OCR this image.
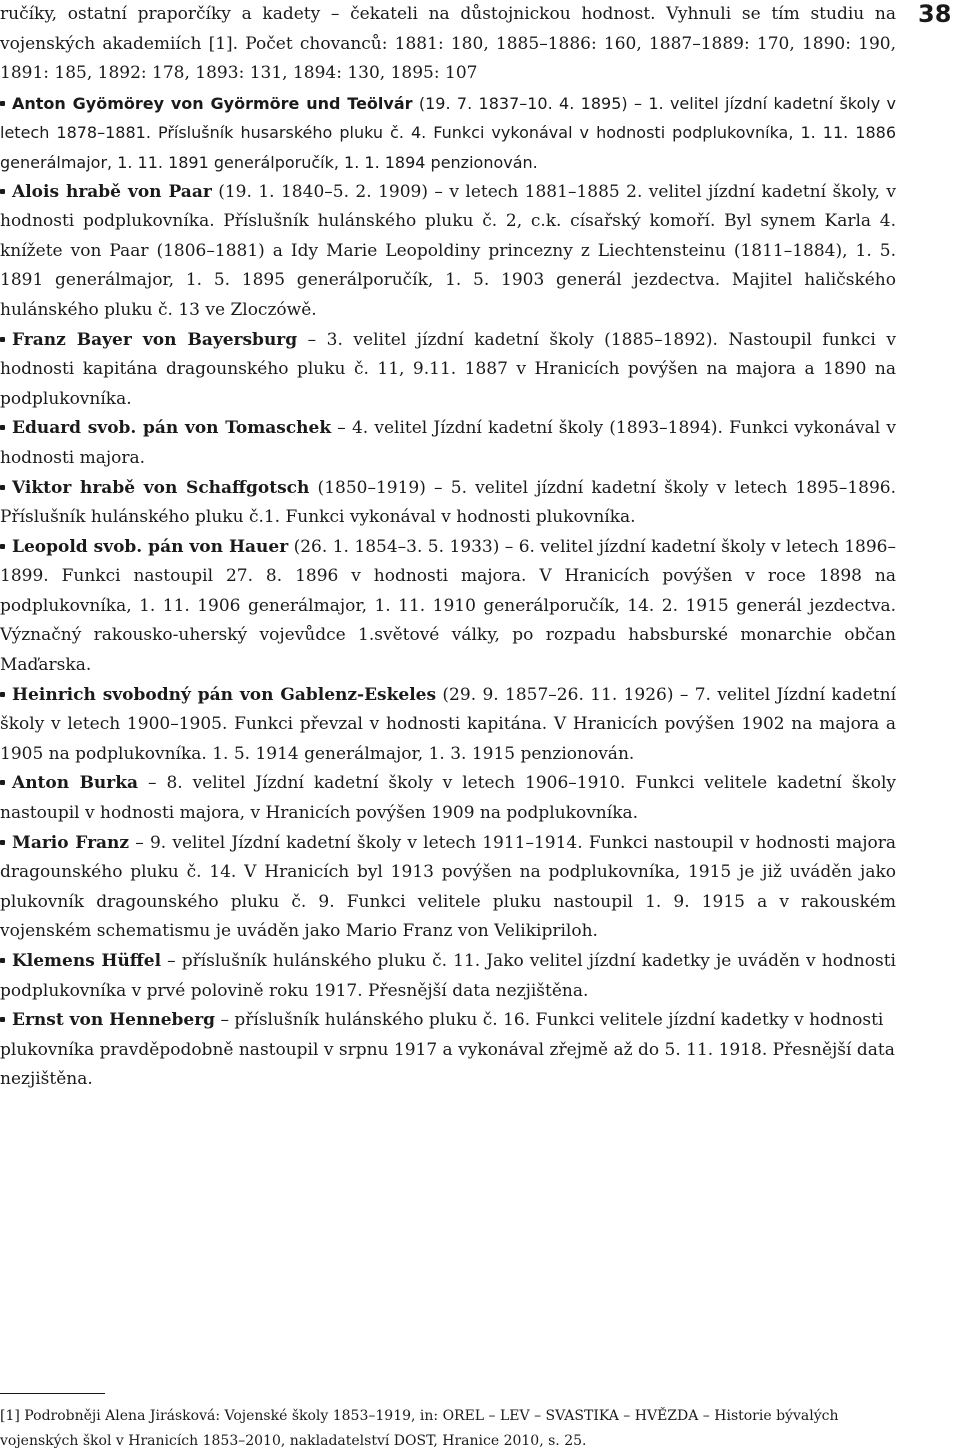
38

ručíky, ostatní praporčíky a kadety – čekateli na důstojnickou hodnost. Vyhnuli se tím studiu na vojenských akademiích [1]. Počet chovanců: 1881: 180, 1885–1886: 160, 1887–1889: 170, 1890: 190, 1891: 185, 1892: 178, 1893: 131, 1894: 130, 1895: 107

Anton Gyömörey von Györmöre und Teölvár (19. 7. 1837–10. 4. 1895) – 1. velitel jízdní kadetní školy v letech 1878–1881. Příslušník husarského pluku č. 4. Funkci vykonával v hodnosti podplukovníka, 1. 11. 1886 generálmajor, 1. 11. 1891 generálporučík, 1. 1. 1894 penzionován.

Alois hrabě von Paar (19. 1. 1840–5. 2. 1909) – v letech 1881–1885 2. velitel jízdní kadetní školy, v hodnosti podplukovníka. Příslušník hulánského pluku č. 2, c.k. císařský komoří. Byl synem Karla 4. knížete von Paar (1806–1881) a Idy Marie Leopoldiny princezny z Liechtensteinu (1811–1884), 1. 5. 1891 generálmajor, 1. 5. 1895 generálporučík, 1. 5. 1903 generál jezdectva. Majitel haličského hulánského pluku č. 13 ve Zloczówě.

Franz Bayer von Bayersburg – 3. velitel jízdní kadetní školy (1885–1892). Nastoupil funkci v hodnosti kapitána dragounského pluku č. 11, 9.11. 1887 v Hranicích povýšen na majora a 1890 na podplukovníka.

Eduard svob. pán von Tomaschek – 4. velitel Jízdní kadetní školy (1893–1894). Funkci vykonával v hodnosti majora.

Viktor hrabě von Schaffgotsch (1850–1919) – 5. velitel jízdní kadetní školy v letech 1895–1896. Příslušník hulánského pluku č.1. Funkci vykonával v hodnosti plukovníka.

Leopold svob. pán von Hauer (26. 1. 1854–3. 5. 1933) – 6. velitel jízdní kadetní školy v letech 1896–1899. Funkci nastoupil 27. 8. 1896 v hodnosti majora. V Hranicích povýšen v roce 1898 na podplukovníka, 1. 11. 1906 generálmajor, 1. 11. 1910 generálporučík, 14. 2. 1915 generál jezdectva. Význačný rakousko-uherský vojevůdce 1.světové války, po rozpadu habsburské monarchie občan Maďarska.

Heinrich svobodný pán von Gablenz-Eskeles (29. 9. 1857–26. 11. 1926) – 7. velitel Jízdní kadetní školy v letech 1900–1905. Funkci převzal v hodnosti kapitána. V Hranicích povýšen 1902 na majora a 1905 na podplukovníka. 1. 5. 1914 generálmajor, 1. 3. 1915 penzionován.

Anton Burka – 8. velitel Jízdní kadetní školy v letech 1906–1910. Funkci velitele kadetní školy nastoupil v hodnosti majora, v Hranicích povýšen 1909 na podplukovníka.

Mario Franz – 9. velitel Jízdní kadetní školy v letech 1911–1914. Funkci nastoupil v hodnosti majora dragounského pluku č. 14. V Hranicích byl 1913 povýšen na podplukovníka, 1915 je již uváděn jako plukovník dragounského pluku č. 9. Funkci velitele pluku nastoupil 1. 9. 1915 a v rakouském vojenském schematismu je uváděn jako Mario Franz von Velikipriloh.

Klemens Hüffel – příslušník hulánského pluku č. 11. Jako velitel jízdní kadetky je uváděn v hodnosti podplukovníka v prvé polovině roku 1917. Přesnější data nezjištěna.

Ernst von Henneberg – příslušník hulánského pluku č. 16. Funkci velitele jízdní kadetky v hodnosti plukovníka pravděpodobně nastoupil v srpnu 1917 a vykonával zřejmě až do 5. 11. 1918. Přesnější data nezjištěna.

[1] Podrobněji Alena Jirásková: Vojenské školy 1853–1919, in: OREL – LEV – SVASTIKA – HVĚZDA – Historie bývalých vojenských škol v Hranicích 1853–2010, nakladatelství DOST, Hranice 2010, s. 25.
